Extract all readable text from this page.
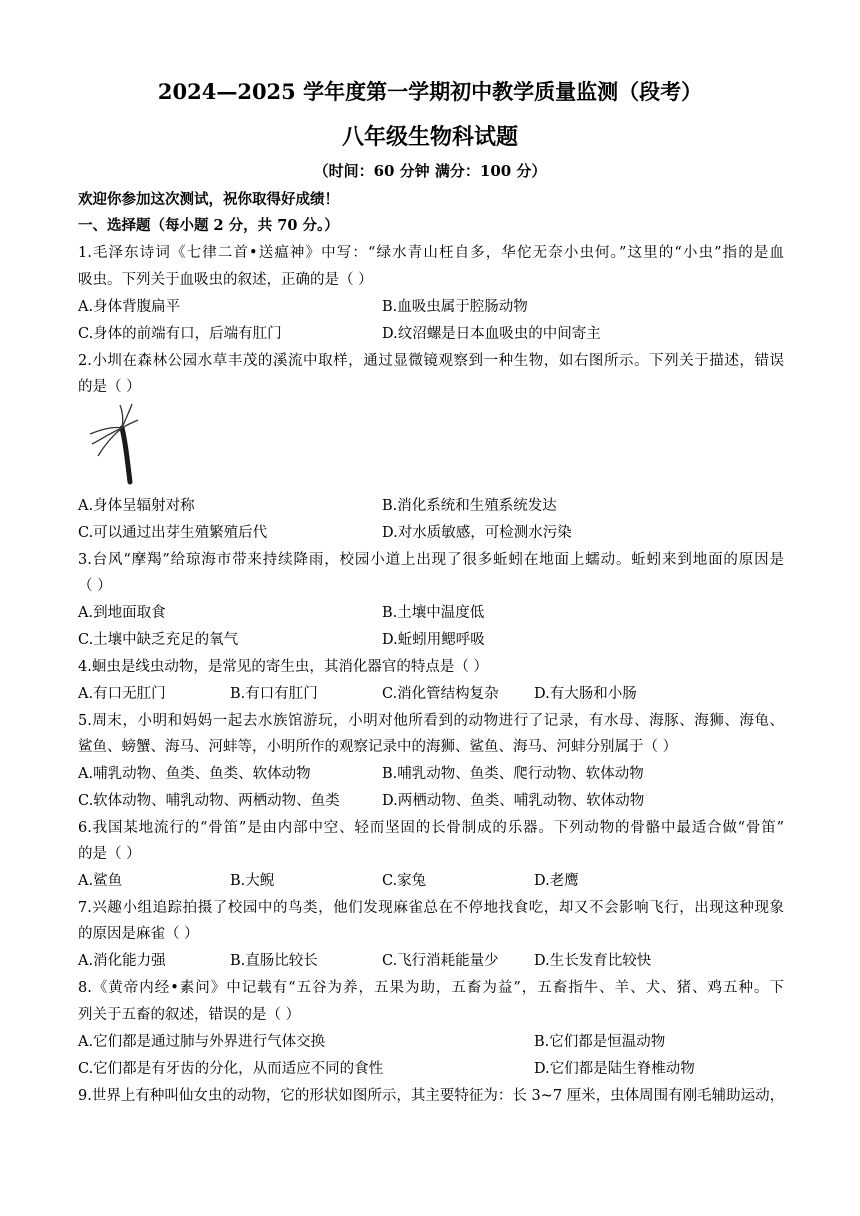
2024—2025 学年度第一学期初中教学质量监测（段考）
八年级生物科试题
（时间：60 分钟 满分：100 分）
欢迎你参加这次测试，祝你取得好成绩！
一、选择题（每小题 2 分，共 70 分。）
1.毛泽东诗词《七律二首•送瘟神》中写：“绿水青山枉自多，华佗无奈小虫何。”这里的“小虫”指的是血
吸虫。下列关于血吸虫的叙述，正确的是（ ）
A.身体背腹扁平	B.血吸虫属于腔肠动物
C.身体的前端有口，后端有肛门	D.纹沼螺是日本血吸虫的中间寄主
2.小圳在森林公园水草丰茂的溪流中取样，通过显微镜观察到一种生物，如右图所示。下列关于描述，错误
的是（ ）
A.身体呈辐射对称	B.消化系统和生殖系统发达
C.可以通过出芽生殖繁殖后代	D.对水质敏感，可检测水污染
3.台风“摩羯”给琼海市带来持续降雨，校园小道上出现了很多蚯蚓在地面上蠕动。蚯蚓来到地面的原因是
（ ）
A.到地面取食	B.土壤中温度低
C.土壤中缺乏充足的氧气	D.蚯蚓用鳃呼吸
4.蛔虫是线虫动物，是常见的寄生虫，其消化器官的特点是（ ）
A.有口无肛门	B.有口有肛门	C.消化管结构复杂 D.有大肠和小肠
5.周末，小明和妈妈一起去水族馆游玩，小明对他所看到的动物进行了记录，有水母、海豚、海狮、海龟、
鲨鱼、螃蟹、海马、河蚌等，小明所作的观察记录中的海狮、鲨鱼、海马、河蚌分别属于（ ）
A.哺乳动物、鱼类、鱼类、软体动物	B.哺乳动物、鱼类、爬行动物、软体动物
C.软体动物、哺乳动物、两栖动物、鱼类	D.两栖动物、鱼类、哺乳动物、软体动物
6.我国某地流行的“骨笛”是由内部中空、轻而坚固的长骨制成的乐器。下列动物的骨骼中最适合做“骨笛”
的是（ ）
A.鲨鱼	B.大鲵	C.家兔	D.老鹰
7.兴趣小组追踪拍摄了校园中的鸟类，他们发现麻雀总在不停地找食吃，却又不会影响飞行，出现这种现象
的原因是麻雀（ ）
A.消化能力强	B.直肠比较长	C.飞行消耗能量少 D.生长发育比较快
8.《黄帝内经•素问》中记载有“五谷为养，五果为助，五畜为益”，五畜指牛、羊、犬、猪、鸡五种。下
列关于五畜的叙述，错误的是（ ）
A.它们都是通过肺与外界进行气体交换	B.它们都是恒温动物
C.它们都是有牙齿的分化，从而适应不同的食性	D.它们都是陆生脊椎动物
9.世界上有种叫仙女虫的动物，它的形状如图所示，其主要特征为：长 3~7 厘米，虫体周围有刚毛辅助运动，
